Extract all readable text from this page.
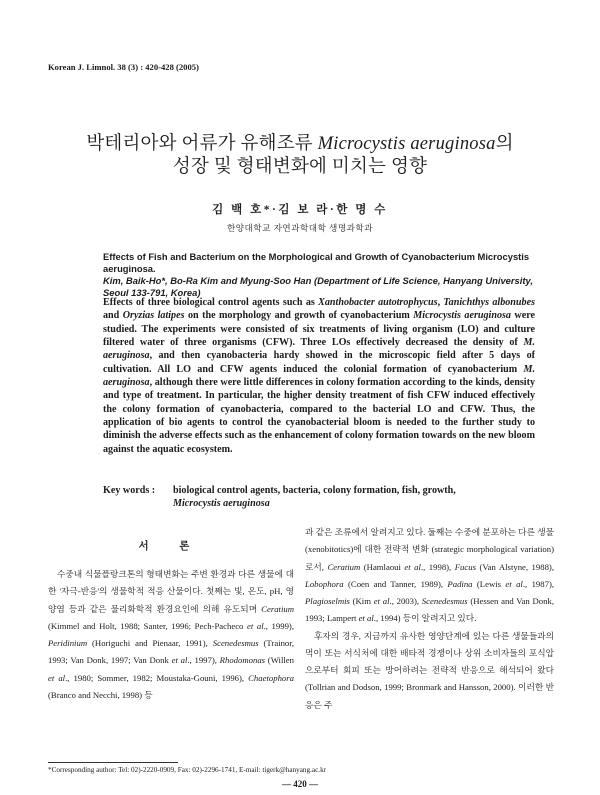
Korean J. Limnol. 38 (3) : 420-428 (2005)
박테리아와 어류가 유해조류 Microcystis aeruginosa의
성장 및 형태변화에 미치는 영향
김 백 호*·김 보 라·한 명 수
한양대학교 자연과학대학 생명과학과
Effects of Fish and Bacterium on the Morphological and Growth of Cyanobacterium Microcystis aeruginosa.
Kim, Baik-Ho*, Bo-Ra Kim and Myung-Soo Han (Department of Life Science, Hanyang University, Seoul 133-791, Korea)
Effects of three biological control agents such as Xanthobacter autotrophycus, Tanichthys albonubes and Oryzias latipes on the morphology and growth of cyanobacterium Microcystis aeruginosa were studied. The experiments were consisted of six treatments of living organism (LO) and culture filtered water of three organisms (CFW). Three LOs effectively decreased the density of M. aeruginosa, and then cyanobacteria hardy showed in the microscopic field after 5 days of cultivation. All LO and CFW agents induced the colonial formation of cyanobacterium M. aeruginosa, although there were little differences in colony formation according to the kinds, density and type of treatment. In particular, the higher density treatment of fish CFW induced effectively the colony formation of cyanobacteria, compared to the bacterial LO and CFW. Thus, the application of bio agents to control the cyanobacterial bloom is needed to the further study to diminish the adverse effects such as the enhancement of colony formation towards on the new bloom against the aquatic ecosystem.
Key words : biological control agents, bacteria, colony formation, fish, growth,
Microcystis aeruginosa
서 론

수중내 식물플랑크톤의 형태변화는 주변 환경과 다른 생물에 대한 '자극-반응'의 생물학적 적응 산물이다. 첫째는 빛, 온도, pH, 영양염 등과 같은 물리화학적 환경요인에 의해 유도되며 Ceratium (Kimmel and Holt, 1988; Santer, 1996; Pech-Pacheco et al., 1999), Peridinium (Horiguchi and Pienaar, 1991), Scenedesmus (Trainor, 1993; Van Donk, 1997; Van Donk et al., 1997), Rhodomonas (Willen et al., 1980; Sommer, 1982; Moustaka-Gouni, 1996), Chaetophora (Branco and Necchi, 1998) 등

과 같은 조류에서 알려지고 있다. 둘째는 수중에 분포하는 다른 생물(xenobitotics)에 대한 전략적 변화 (strategic morphological variation)로서, Ceratium (Hamlaoui et al., 1998), Fucus (Van Alstyne, 1988), Lobophora (Coen and Tanner, 1989), Padina (Lewis et al., 1987), Plagioselmis (Kim et al., 2003), Scenedesmus (Hessen and Van Donk, 1993; Lampert et al., 1994) 등이 알려지고 있다.

후자의 경우, 지금까지 유사한 영양단계에 있는 다른 생물들과의 먹이 또는 서식처에 대한 배타적 경쟁이나 상위 소비자들의 포식압으로부터 회피 또는 방어하려는 전략적 반응으로 해석되어 왔다 (Tollrian and Dodson, 1999; Bronmark and Hansson, 2000). 이러한 반응은 주

*Corresponding author: Tel: 02)-2220-0909, Fax: 02)-2296-1741, E-mail: tigerk@hanyang.ac.kr
— 420 —
